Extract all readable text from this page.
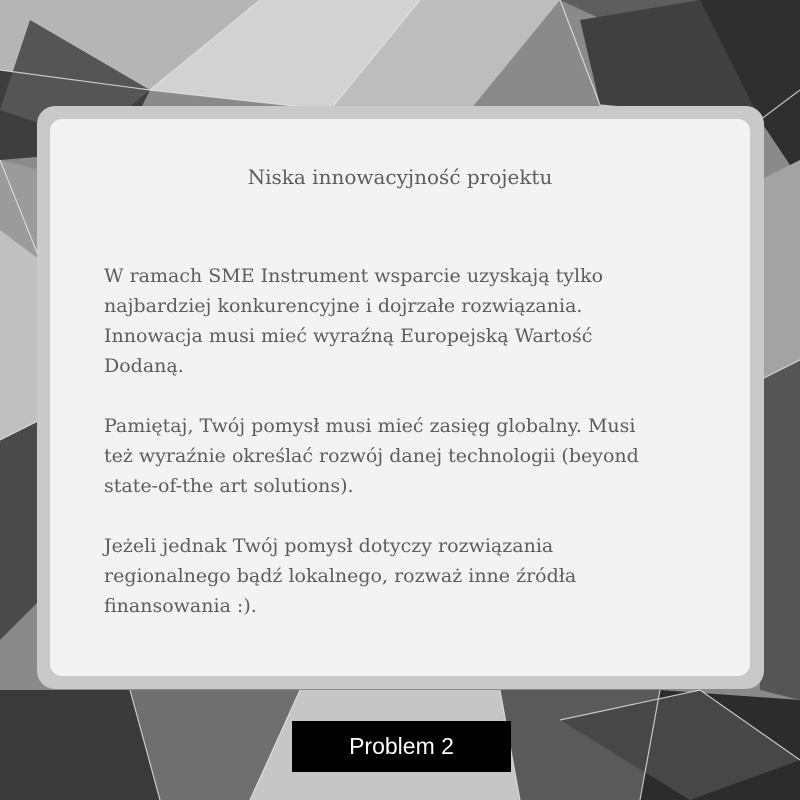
Niska innowacyjność projektu

W ramach SME Instrument wsparcie uzyskają tylko
najbardziej konkurencyjne i dojrzałe rozwiązania.
Innowacja musi mieć wyraźną Europejską Wartość
Dodaną.

Pamiętaj, Twój pomysł musi mieć zasięg globalny. Musi
też wyraźnie określać rozwój danej technologii (beyond
state-of-the art solutions).

Jeżeli jednak Twój pomysł dotyczy rozwiązania
regionalnego bądź lokalnego, rozważ inne źródła
finansowania :).

Problem 2
